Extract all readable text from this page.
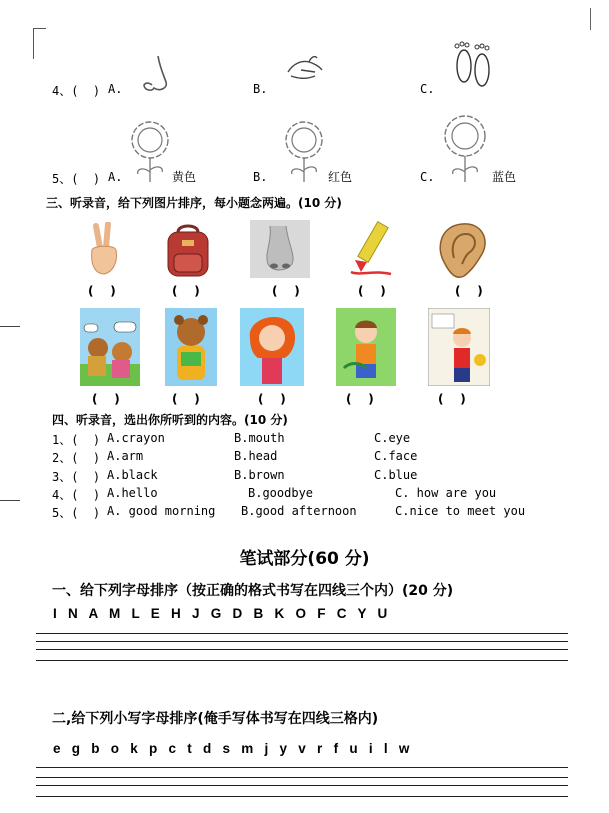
4、(  ) A.	B.	C.
5、(  ) A.	黄色	B.	红色	C.	蓝色
三、听录音，给下列图片排序，每小题念两遍。(10 分)
(    )	(    )	(    )	(    )	(    )
(    )	(    )	(    )	(    )	(    )
四、听录音，选出你所听到的内容。(10 分)
1、(  ) A.crayon	B.mouth	C.eye
2、(  ) A.arm	B.head	C.face
3、(  ) A.black	B.brown	C.blue
4、(  ) A.hello	B.goodbye	C. how are you
5、(  ) A. good morning B.good afternoon	C.nice to meet you
笔试部分(60 分)
一、给下列字母排序（按正确的格式书写在四线三个内）(20 分)
I   N   A   M   L   E   H   J   G   D   B   K   O   F   C   Y   U
二,给下列小写字母排序(俺手写体书写在四线三格内)
e   g   b   o   k   p   c   t   d   s   m   j   y   v   r   f   u   i   l   w
